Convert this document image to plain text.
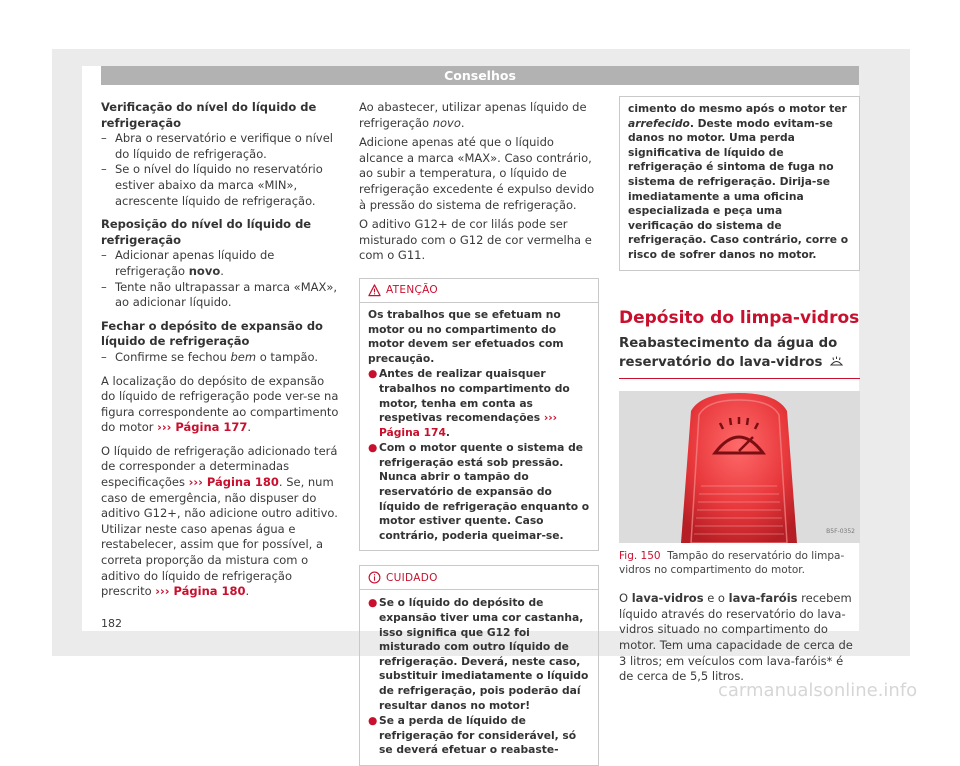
Conselhos
Verificação do nível do líquido de refrigeração
– Abra o reservatório e verifique o nível do líquido de refrigeração.
– Se o nível do líquido no reservatório estiver abaixo da marca «MIN», acrescente líquido de refrigeração.
Reposição do nível do líquido de refrigeração
– Adicionar apenas líquido de refrigeração novo.
– Tente não ultrapassar a marca «MAX», ao adicionar líquido.
Fechar o depósito de expansão do líquido de refrigeração
– Confirme se fechou bem o tampão.

A localização do depósito de expansão do líquido de refrigeração pode ver-se na figura correspondente ao compartimento do motor ››› Página 177.

O líquido de refrigeração adicionado terá de corresponder a determinadas especificações ››› Página 180. Se, num caso de emergência, não dispuser do aditivo G12+, não adicione outro aditivo. Utilizar neste caso apenas água e restabelecer, assim que for possível, a correta proporção da mistura com o aditivo do líquido de refrigeração prescrito ››› Página 180.

Ao abastecer, utilizar apenas líquido de refrigeração novo.

Adicione apenas até que o líquido alcance a marca «MAX». Caso contrário, ao subir a temperatura, o líquido de refrigeração excedente é expulso devido à pressão do sistema de refrigeração.

O aditivo G12+ de cor lilás pode ser misturado com o G12 de cor vermelha e com o G11.

ATENÇÃO
Os trabalhos que se efetuam no motor ou no compartimento do motor devem ser efetuados com precaução.
● Antes de realizar quaisquer trabalhos no compartimento do motor, tenha em conta as respetivas recomendações ››› Página 174.
● Com o motor quente o sistema de refrigeração está sob pressão. Nunca abrir o tampão do reservatório de expansão do líquido de refrigeração enquanto o motor estiver quente. Caso contrário, poderia queimar-se.
CUIDADO
● Se o líquido do depósito de expansão tiver uma cor castanha, isso significa que G12 foi misturado com outro líquido de refrigeração. Deverá, neste caso, substituir imediatamente o líquido de refrigeração, pois poderão daí resultar danos no motor!
● Se a perda de líquido de refrigeração for considerável, só se deverá efetuar o reabaste-
cimento do mesmo após o motor ter arrefecido. Deste modo evitam-se danos no motor. Uma perda significativa de líquido de refrigeração é sintoma de fuga no sistema de refrigeração. Dirija-se imediatamente a uma oficina especializada e peça uma verificação do sistema de refrigeração. Caso contrário, corre o risco de sofrer danos no motor.
Depósito do limpa-vidros
Reabastecimento da água do reservatório do lava-vidros
B5F-0352
Fig. 150 Tampão do reservatório do limpa-vidros no compartimento do motor.

O lava-vidros e o lava-faróis recebem líquido através do reservatório do lava-vidros situado no compartimento do motor. Tem uma capacidade de cerca de 3 litros; em veículos com lava-faróis* é de cerca de 5,5 litros.

182
carmanualsonline.info
